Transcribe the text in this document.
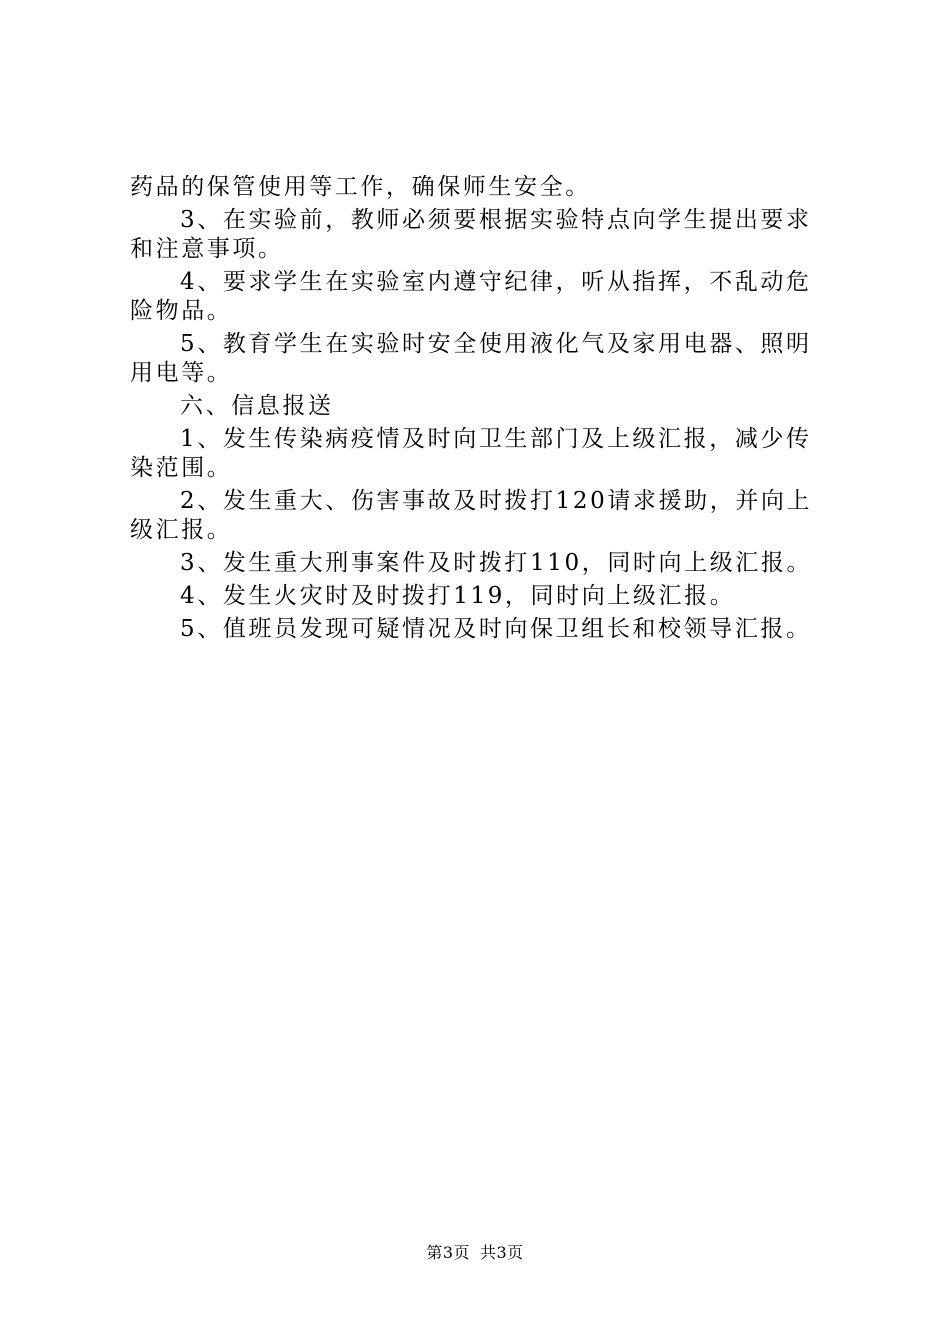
药品的保管使用等工作，确保师生安全。

3、在实验前，教师必须要根据实验特点向学生提出要求和注意事项。

4、要求学生在实验室内遵守纪律，听从指挥，不乱动危险物品。

5、教育学生在实验时安全使用液化气及家用电器、照明用电等。

六、信息报送

1、发生传染病疫情及时向卫生部门及上级汇报，减少传染范围。

2、发生重大、伤害事故及时拨打120请求援助，并向上级汇报。

3、发生重大刑事案件及时拨打110，同时向上级汇报。

4、发生火灾时及时拨打119，同时向上级汇报。

5、值班员发现可疑情况及时向保卫组长和校领导汇报。

第3页 共3页
